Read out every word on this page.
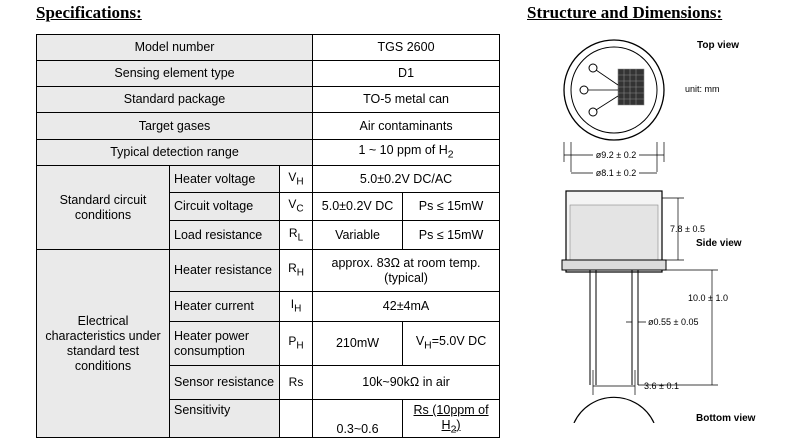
Specifications:	Structure and Dimensions:
Model number			TGS 2600	
Sensing element type			D1	
Standard package			TO-5 metal can	
Target gases			Air contaminants	
Typical detection range			1 ~ 10 ppm of $H_2$
Standard circuit conditions	Heater voltage	$V_H$	5.0±0.2V DC/AC	
	Circuit voltage	$V_C$	5.0±0.2V DC	Ps ≤ 15mW
	Load resistance	$R_L$	Variable	Ps ≤ 15mW
Electrical characteristics under standard test conditions	Heater resistance	$R_H$	approx. 83Ω at room temp. (typical)	
	Heater current	$I_H$	42±4mA	
	Heater power consumption	$P_H$	210mW	$V_H=5.0V$ DC
	Sensor resistance	Rs	10k~90kΩ in air	
	Sensitivity		0.3~0.6	Rs (10ppm of $H_2$)
Top view
unit: mm
ø9.2 ± 0.2
ø8.1 ± 0.2
7.8 ± 0.5
Side view
10.0 ± 1.0
ø0.55 ± 0.05
3.6 ± 0.1
Bottom view
